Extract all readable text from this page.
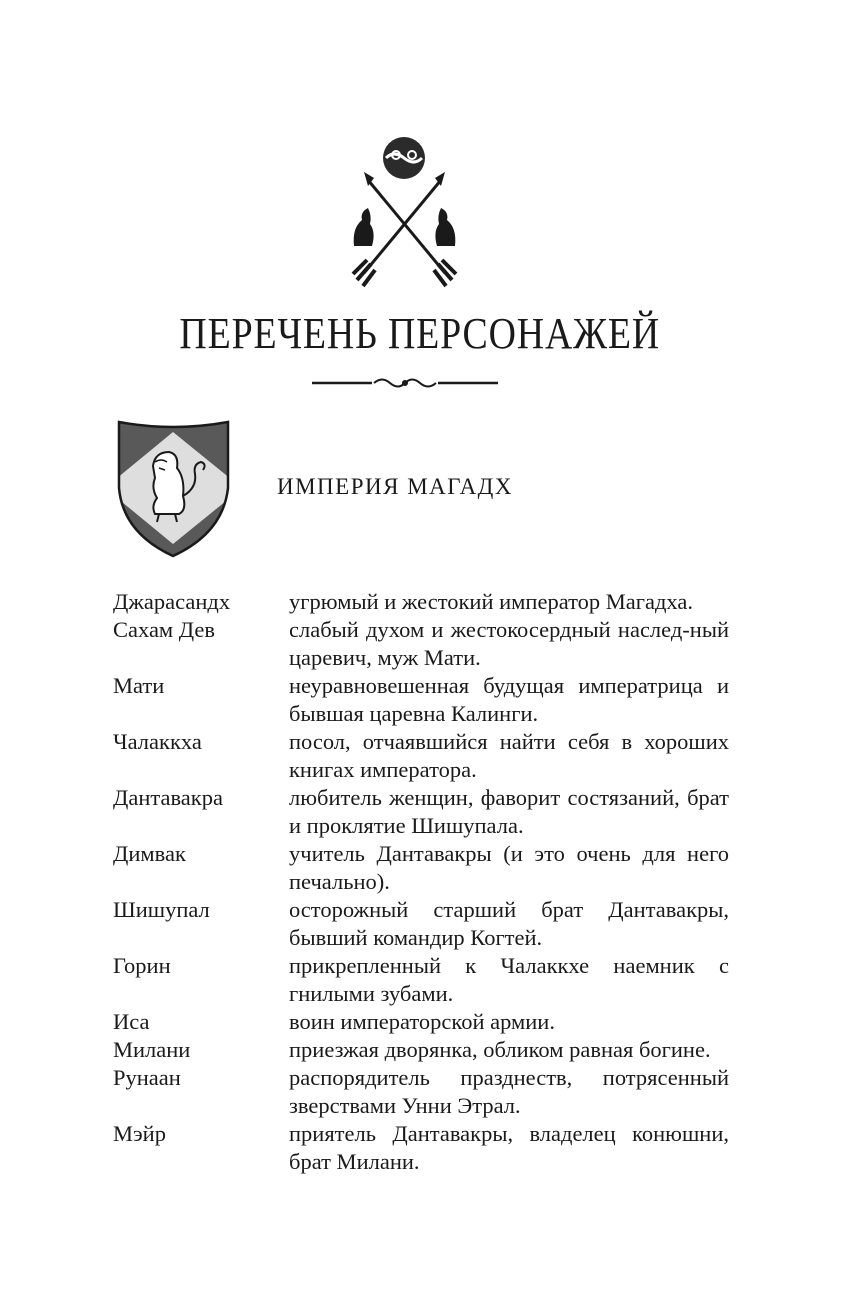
ПЕРЕЧЕНЬ ПЕРСОНАЖЕЙ
ИМПЕРИЯ МАГАДХ
Джарасандх	угрюмый и жестокий император Магадха.
Сахам Дев	слабый духом и жестокосердный наслед-ный царевич, муж Мати.
Мати	неуравновешенная будущая императрица и бывшая царевна Калинги.
Чалаккха	посол, отчаявшийся найти себя в хороших книгах императора.
Дантавакра	любитель женщин, фаворит состязаний, брат и проклятие Шишупала.
Димвак	учитель Дантавакры (и это очень для него печально).
Шишупал	осторожный старший брат Дантавакры, бывший командир Когтей.
Горин	прикрепленный к Чалаккхе наемник с гнилыми зубами.
Иса	воин императорской армии.
Милани	приезжая дворянка, обликом равная богине.
Рунаан	распорядитель празднеств, потрясенный зверствами Унни Этрал.
Мэйр	приятель Дантавакры, владелец конюшни, брат Милани.
